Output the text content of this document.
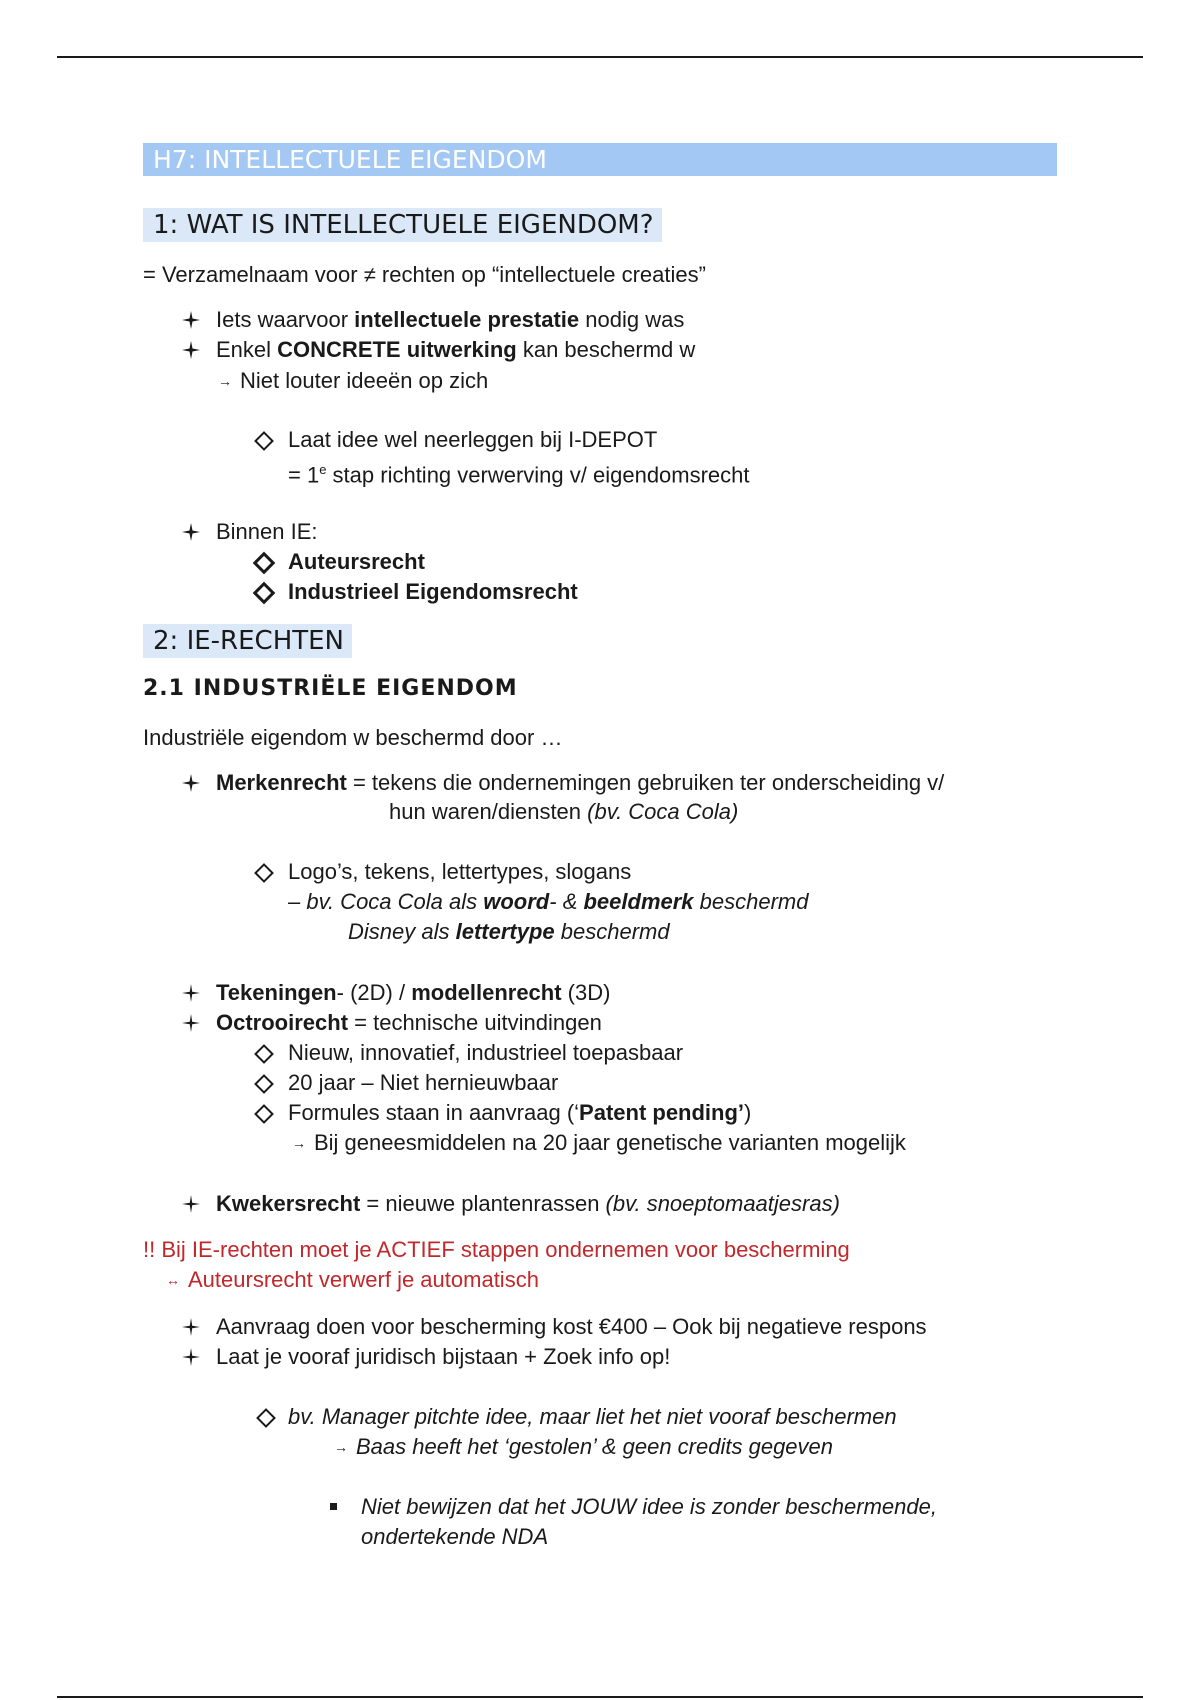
H7: INTELLECTUELE EIGENDOM
1: WAT IS INTELLECTUELE EIGENDOM?
= Verzamelnaam voor ≠ rechten op “intellectuele creaties”
Iets waarvoor intellectuele prestatie nodig was
Enkel CONCRETE uitwerking kan beschermd w
→ Niet louter ideeën op zich
Laat idee wel neerleggen bij I-DEPOT
= $1^e$ stap richting verwerving v/ eigendomsrecht
Binnen IE:
Auteursrecht
Industrieel Eigendomsrecht
2: IE-RECHTEN
2.1 INDUSTRIËLE EIGENDOM
Industriële eigendom w beschermd door …
Merkenrecht = tekens die ondernemingen gebruiken ter onderscheiding v/
hun waren/diensten (bv. Coca Cola)
Logo’s, tekens, lettertypes, slogans
– bv. Coca Cola als woord- & beeldmerk beschermd
Disney als lettertype beschermd
Tekeningen- (2D) / modellenrecht (3D)
Octrooirecht = technische uitvindingen
Nieuw, innovatief, industrieel toepasbaar
20 jaar – Niet hernieuwbaar
Formules staan in aanvraag (‘Patent pending’)
→ Bij geneesmiddelen na 20 jaar genetische varianten mogelijk
Kwekersrecht = nieuwe plantenrassen (bv. snoeptomaatjesras)
!! Bij IE-rechten moet je ACTIEF stappen ondernemen voor bescherming
↔ Auteursrecht verwerf je automatisch
Aanvraag doen voor bescherming kost €400 – Ook bij negatieve respons
Laat je vooraf juridisch bijstaan + Zoek info op!
bv. Manager pitchte idee, maar liet het niet vooraf beschermen
→ Baas heeft het ‘gestolen’ & geen credits gegeven
Niet bewijzen dat het JOUW idee is zonder beschermende,
ondertekende NDA
